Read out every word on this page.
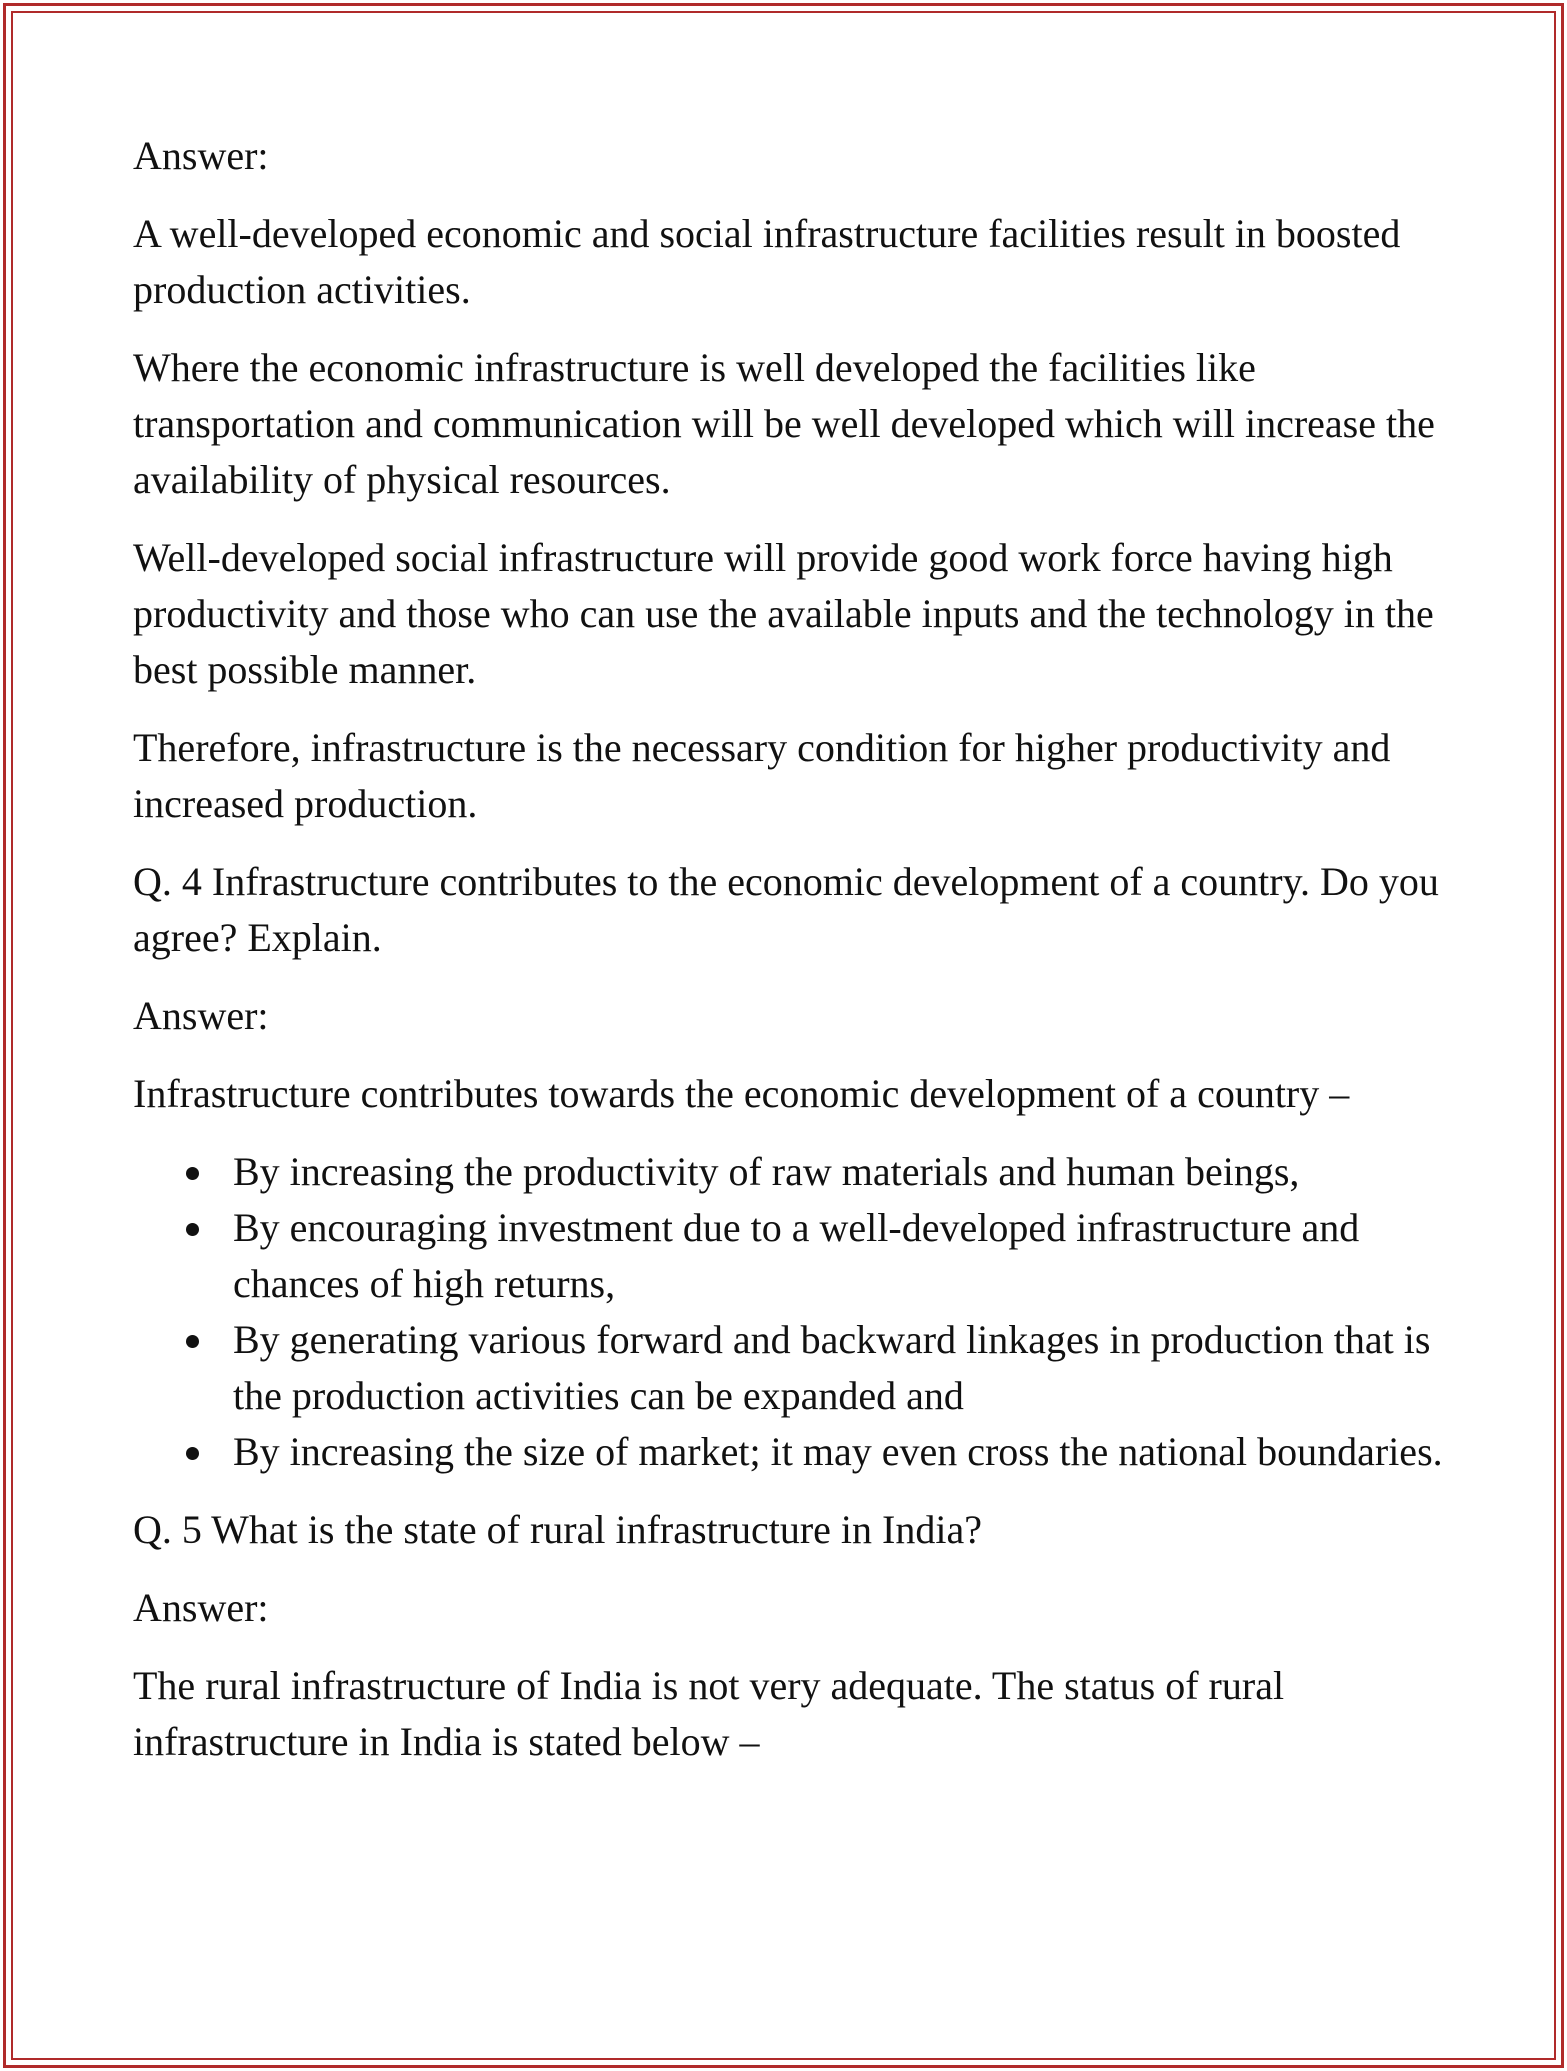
Answer:

A well-developed economic and social infrastructure facilities result in boosted production activities.

Where the economic infrastructure is well developed the facilities like transportation and communication will be well developed which will increase the availability of physical resources.

Well-developed social infrastructure will provide good work force having high productivity and those who can use the available inputs and the technology in the best possible manner.

Therefore, infrastructure is the necessary condition for higher productivity and increased production.

Q. 4 Infrastructure contributes to the economic development of a country. Do you agree? Explain.

Answer:

Infrastructure contributes towards the economic development of a country –

By increasing the productivity of raw materials and human beings,
By encouraging investment due to a well-developed infrastructure and chances of high returns,
By generating various forward and backward linkages in production that is the production activities can be expanded and
By increasing the size of market; it may even cross the national boundaries.

Q. 5 What is the state of rural infrastructure in India?

Answer:

The rural infrastructure of India is not very adequate. The status of rural infrastructure in India is stated below –
